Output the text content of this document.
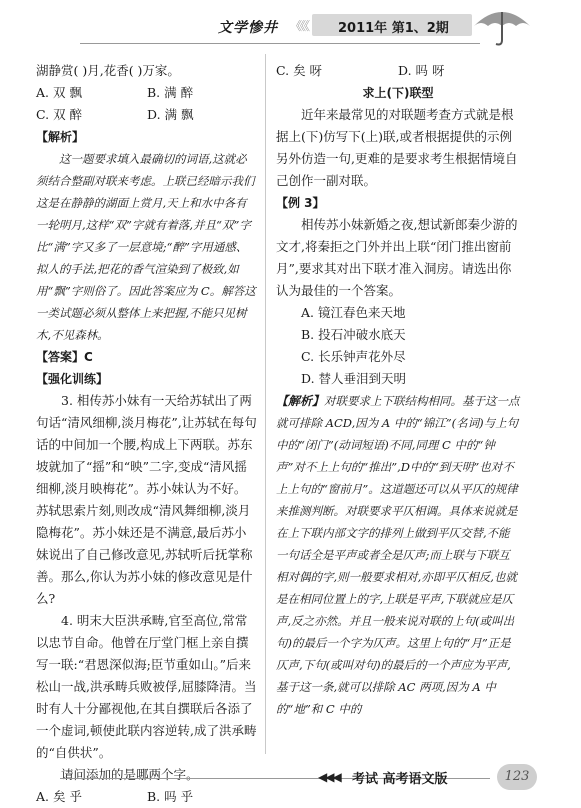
文学惨井 《《《 2011年 第1、2期

湖静赏( )月,花香( )万家。

A. 双 飘	B. 满 醉
C. 双 醉	D. 满 飘

【解析】

这一题要求填入最确切的词语,这就必须结合整副对联来考虑。上联已经暗示我们这是在静静的湖面上赏月,天上和水中各有一轮明月,这样“双”字就有着落,并且“双”字比“满”字又多了一层意境;“醉”字用通感、拟人的手法,把花的香气渲染到了极致,如用“飘”字则俗了。因此答案应为 C。解答这一类试题必须从整体上来把握,不能只见树木,不见森林。

【答案】C

【强化训练】

3. 相传苏小妹有一天给苏轼出了两句话“清风细柳,淡月梅花”,让苏轼在每句话的中间加一个腰,构成上下两联。苏东坡就加了“摇”和“映”二字,变成“清风摇细柳,淡月映梅花”。苏小妹认为不好。苏轼思索片刻,则改成“清风舞细柳,淡月隐梅花”。苏小妹还是不满意,最后苏小妹说出了自己修改意见,苏轼听后抚掌称善。那么,你认为苏小妹的修改意见是什么?

4. 明末大臣洪承畴,官至高位,常常以忠节自命。他曾在厅堂门框上亲自撰写一联:“君恩深似海;臣节重如山。”后来松山一战,洪承畴兵败被俘,屈膝降清。当时有人十分鄙视他,在其自撰联后各添了一个虚词,顿使此联内容逆转,成了洪承畴的“自供状”。

请问添加的是哪两个字。

A. 矣 乎	B. 吗 乎
C. 矣 呀	D. 吗 呀

求上(下)联型

近年来最常见的对联题考查方式就是根据上(下)仿写下(上)联,或者根据提供的示例另外仿造一句,更难的是要求考生根据情境自己创作一副对联。

【例 3】

相传苏小妹新婚之夜,想试新郎秦少游的文才,将秦拒之门外并出上联“闭门推出窗前月”,要求其对出下联才准入洞房。请选出你认为最佳的一个答案。

A. 镜江春色来天地

B. 投石冲破水底天

C. 长乐钟声花外尽

D. 替人垂泪到天明

【解析】对联要求上下联结构相同。基于这一点就可排除 ACD,因为 A 中的“锦江”(名词)与上句中的“闭门”(动词短语)不同,同理 C 中的“钟声”对不上上句的“推出”,D中的“到天明”也对不上上句的“窗前月”。这道题还可以从平仄的规律来推测判断。对联要求平仄相调。具体来说就是在上下联内部文字的排列上做到平仄交替,不能一句话全是平声或者全是仄声;而上联与下联互相对偶的字,则一般要求相对,亦即平仄相反,也就是在相同位置上的字,上联是平声,下联就应是仄声,反之亦然。并且一般来说对联的上句(或叫出句)的最后一个字为仄声。这里上句的“月”正是仄声,下句(或叫对句)的最后的一个声应为平声,基于这一条,就可以排除 AC 两项,因为 A 中的“地”和 C 中的

◀◀◀ 考试 高考语文版	123
